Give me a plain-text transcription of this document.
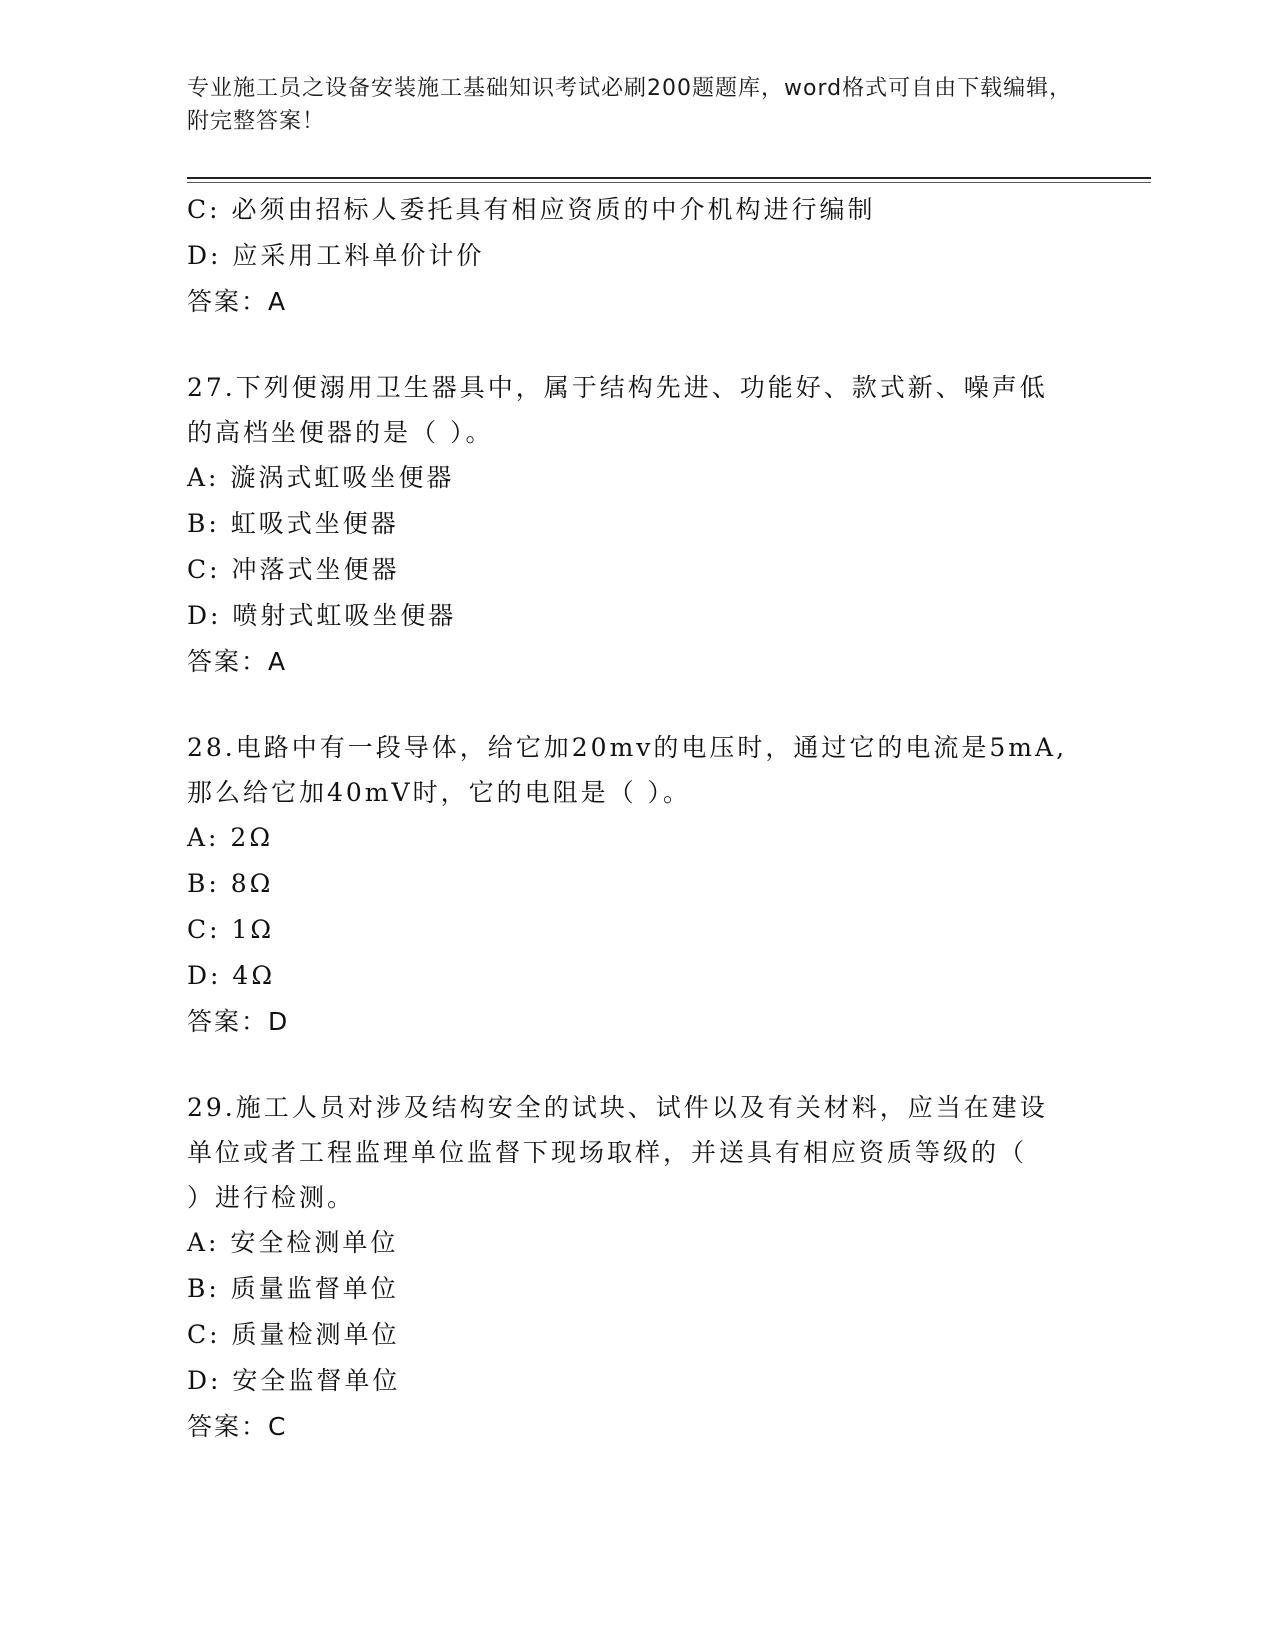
专业施工员之设备安装施工基础知识考试必刷200题题库，word格式可自由下载编辑，附完整答案！
C: 必须由招标人委托具有相应资质的中介机构进行编制
D: 应采用工料单价计价
答案：A
27.下列便溺用卫生器具中，属于结构先进、功能好、款式新、噪声低
的高档坐便器的是（ ）。
A: 漩涡式虹吸坐便器
B: 虹吸式坐便器
C: 冲落式坐便器
D: 喷射式虹吸坐便器
答案：A
28.电路中有一段导体，给它加20mv的电压时，通过它的电流是5mA,
那么给它加40mV时，它的电阻是（ ）。
A: 2Ω
B: 8Ω
C: 1Ω
D: 4Ω
答案：D
29.施工人员对涉及结构安全的试块、试件以及有关材料，应当在建设
单位或者工程监理单位监督下现场取样，并送具有相应资质等级的（
）进行检测。
A: 安全检测单位
B: 质量监督单位
C: 质量检测单位
D: 安全监督单位
答案：C
